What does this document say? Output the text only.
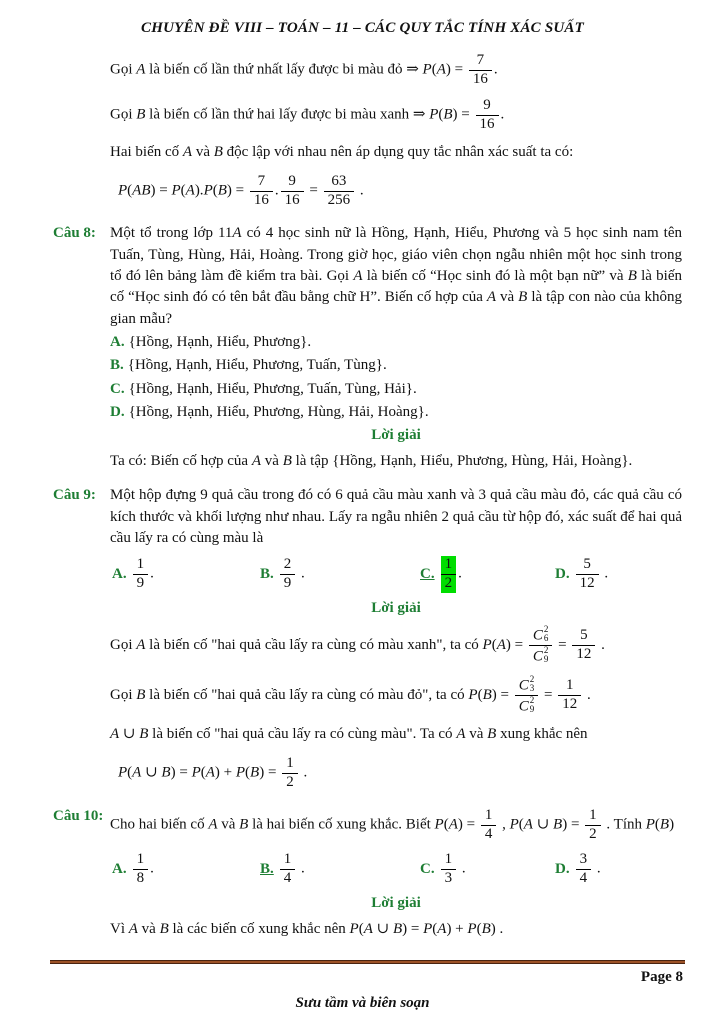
CHUYÊN ĐỀ VIII – TOÁN – 11 – CÁC QUY TẮC TÍNH XÁC SUẤT
Gọi A là biến cố lần thứ nhất lấy được bi màu đỏ ⇒ $P(A) = \frac{7}{16}$ .
Gọi B là biến cố lần thứ hai lấy được bi màu xanh ⇒ $P(B) = \frac{9}{16}$ .
Hai biến cố A và B độc lập với nhau nên áp dụng quy tắc nhân xác suất ta có:
$P(AB) = P(A).P(B) = \frac{7}{16}$ . $\frac{9}{16} = \frac{63}{256}$ .
Câu 8: Một tổ trong lớp 11A có 4 học sinh nữ là Hồng, Hạnh, Hiểu, Phương và 5 học sinh nam tên Tuấn, Tùng, Hùng, Hải, Hoàng. Trong giờ học, giáo viên chọn ngẫu nhiên một học sinh trong tổ đó lên bảng làm đề kiểm tra bài. Gọi A là biến cố “Học sinh đó là một bạn nữ” và B là biến cố “Học sinh đó có tên bắt đầu bằng chữ H”. Biến cố hợp của A và B là tập con nào của không gian mẫu?
A. {Hồng, Hạnh, Hiểu, Phương}.
B. {Hồng, Hạnh, Hiểu, Phương, Tuấn, Tùng}.
C. {Hồng, Hạnh, Hiểu, Phương, Tuấn, Tùng, Hải}.
D. {Hồng, Hạnh, Hiểu, Phương, Hùng, Hải, Hoàng}.
Lời giải
Ta có: Biến cố hợp của A và B là tập {Hồng, Hạnh, Hiểu, Phương, Hùng, Hải, Hoàng}.
Câu 9: Một hộp đựng 9 quả cầu trong đó có 6 quả cầu màu xanh và 3 quả cầu màu đỏ, các quả cầu có kích thước và khối lượng như nhau. Lấy ra ngẫu nhiên 2 quả cầu từ hộp đó, xác suất để hai quả cầu lấy ra có cùng màu là
A. $\frac{1}{9}$ .	B. $\frac{2}{9}$ .	C. $\frac{1}{2}$ .	D. $\frac{5}{12}$ .
Lời giải
Gọi A là biến cố "hai quả cầu lấy ra cùng có màu xanh", ta có P(A) = C 2
6
C 2
$9 = \frac{5}{12}$ .
Gọi B là biến cố "hai quả cầu lấy ra cùng có màu đỏ", ta có P(B) = C 2
3
C 2
$9 = \frac{1}{12}$ .
A ∪ B là biến cố "hai quả cầu lấy ra có cùng màu". Ta có A và B xung khắc nên
P(A ∪ $B) = P(A) + P(B) = \frac{1}{2}$ .
Câu 10:
Cho hai biến cố A và B là hai biến cố xung khắc. Biết $P(A) = \frac{1}{4}$ , P(A ∪ $B) = \frac{1}{2}$ . Tính P(B)
A. $\frac{1}{8}$ .	B. $\frac{1}{4}$ .	C. $\frac{1}{3}$ .	D. $\frac{3}{4}$ .
Lời giải
Vì A và B là các biến cố xung khắc nên P(A ∪ B) = P(A) + P(B) .
Page 8
Sưu tầm và biên soạn
